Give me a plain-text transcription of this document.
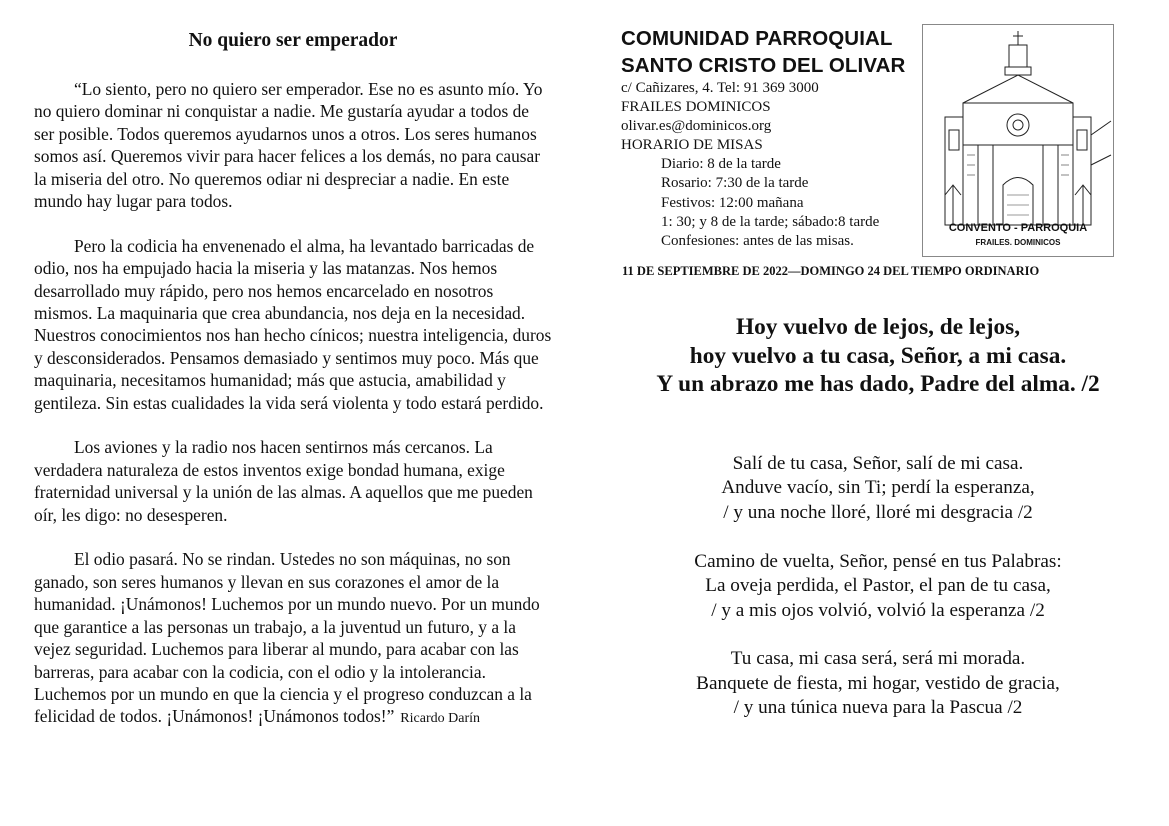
No quiero ser emperador

“Lo siento, pero no quiero ser emperador. Ese no es asunto mío. Yo no quiero dominar ni conquistar a nadie. Me gustaría ayudar a todos de ser posible. Todos queremos ayudarnos unos a otros. Los seres humanos somos así. Queremos vivir para hacer felices a los demás, no para causar la miseria del otro. No queremos odiar ni despreciar a nadie. En este mundo hay lugar para todos.

Pero la codicia ha envenenado el alma, ha levantado barricadas de odio, nos ha empujado hacia la miseria y las matanzas. Nos hemos desarrollado muy rápido, pero nos hemos encarcelado en nosotros mismos. La maquinaria que crea abundancia, nos deja en la necesidad. Nuestros conocimientos nos han hecho cínicos; nuestra inteligencia, duros y desconsiderados. Pensamos demasiado y sentimos muy poco. Más que maquinaria, necesitamos humanidad; más que astucia, amabilidad y gentileza. Sin estas cualidades la vida será violenta y todo estará perdido.

Los aviones y la radio nos hacen sentirnos más cercanos. La verdadera naturaleza de estos inventos exige bondad humana, exige fraternidad universal y la unión de las almas. A aquellos que me pueden oír, les digo: no desesperen.

El odio pasará. No se rindan. Ustedes no son máquinas, no son ganado, son seres humanos y llevan en sus corazones el amor de la humanidad. ¡Unámonos! Luchemos por un mundo nuevo. Por un mundo que garantice a las personas un trabajo, a la juventud un futuro, y a la vejez seguridad. Luchemos para liberar al mundo, para acabar con las barreras, para acabar con la codicia, con el odio y la intolerancia. Luchemos por un mundo en que la ciencia y el progreso conduzcan a la felicidad de todos. ¡Unámonos! ¡Unámonos todos!” Ricardo Darín

COMUNIDAD PARROQUIAL
SANTO CRISTO DEL OLIVAR
c/ Cañizares, 4. Tel: 91 369 3000
FRAILES DOMINICOS
olivar.es@dominicos.org
HORARIO DE MISAS
Diario: 8 de la tarde
Rosario: 7:30 de la tarde
Festivos: 12:00 mañana
1: 30; y 8 de la tarde; sábado:8 tarde
Confesiones: antes de las misas.
CONVENTO - PARROQUIA
FRAILES. DOMINICOS
11 DE SEPTIEMBRE DE 2022—DOMINGO 24 DEL TIEMPO ORDINARIO
Hoy vuelvo de lejos, de lejos,
hoy vuelvo a tu casa, Señor, a mi casa.
Y un abrazo me has dado, Padre del alma. /2
Salí de tu casa, Señor, salí de mi casa.
Anduve vacío, sin Ti; perdí la esperanza,
/ y una noche lloré, lloré mi desgracia /2
Camino de vuelta, Señor, pensé en tus Palabras:
La oveja perdida, el Pastor, el pan de tu casa,
/ y a mis ojos volvió, volvió la esperanza /2
Tu casa, mi casa será, será mi morada.
Banquete de fiesta, mi hogar, vestido de gracia,
/ y una túnica nueva para la Pascua /2
